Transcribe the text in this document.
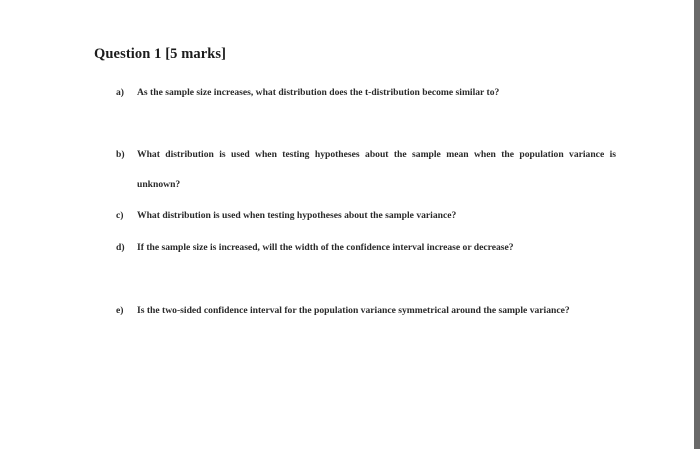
Question 1 [5 marks]
a) As the sample size increases, what distribution does the t-distribution become similar to?
b) What distribution is used when testing hypotheses about the sample mean when the population variance is unknown?
c) What distribution is used when testing hypotheses about the sample variance?
d) If the sample size is increased, will the width of the confidence interval increase or decrease?
e) Is the two-sided confidence interval for the population variance symmetrical around the sample variance?
